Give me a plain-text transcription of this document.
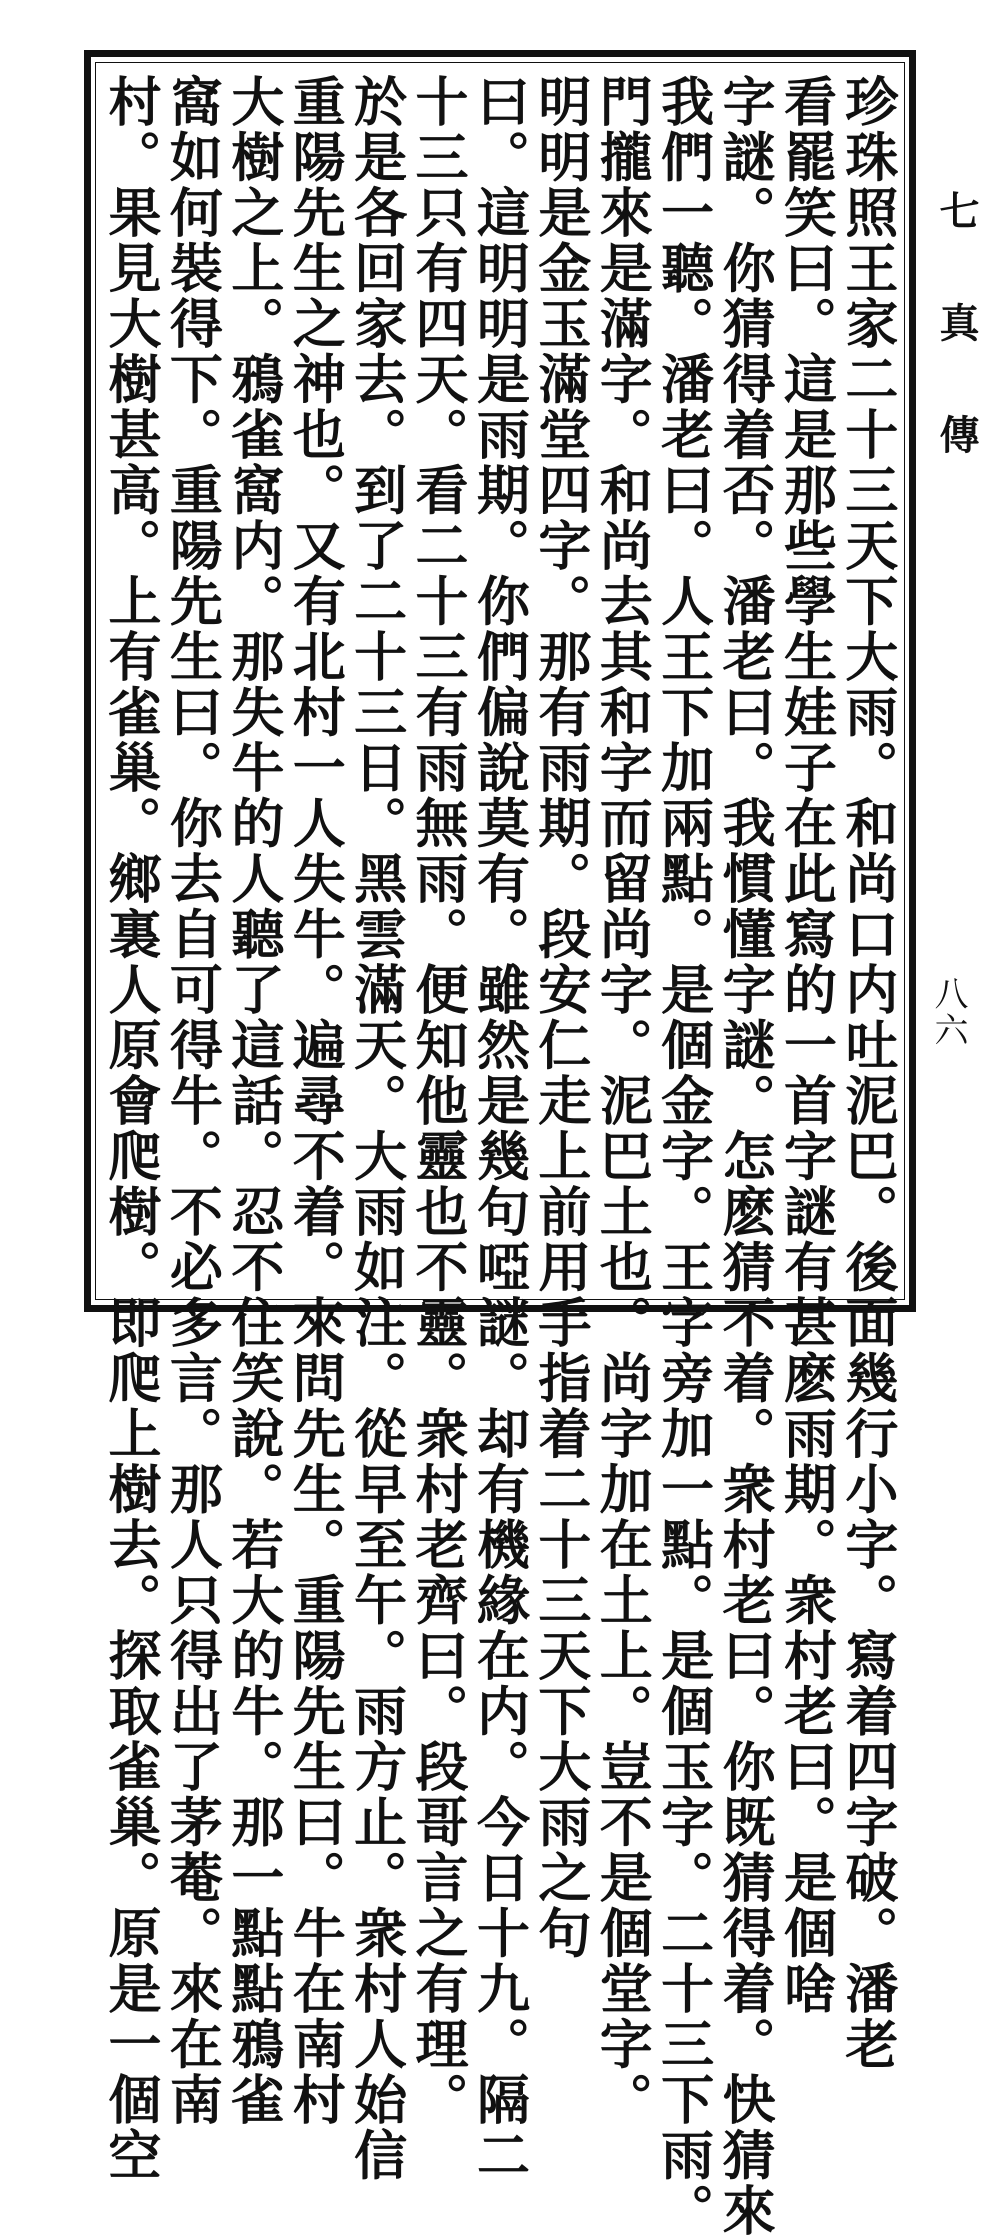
珍珠照王家二十三天下大雨。和尚口内吐泥巴。後面幾行小字。寫着四字破。潘老
看罷笑曰。這是那些學生娃子在此寫的一首字謎有甚麽雨期。衆村老曰。是個啥
字謎。你猜得着否。潘老曰。我慣懂字謎。怎麽猜不着。衆村老曰。你既猜得着。快猜來
我們一聽。潘老曰。人王下加兩點。是個金字。王字旁加一點。是個玉字。二十三下雨。
門攏來是滿字。和尚去其和字而留尚字。泥巴土也。尚字加在土上。豈不是個堂字。
明明是金玉滿堂四字。那有雨期。段安仁走上前用手指着二十三天下大雨之句
曰。這明明是雨期。你們偏說莫有。雖然是幾句啞謎。却有機緣在内。今日十九。隔二
十三只有四天。看二十三有雨無雨。便知他靈也不靈。衆村老齊曰。段哥言之有理。
於是各回家去。到了二十三日。黑雲滿天。大雨如注。從早至午。雨方止。衆村人始信
重陽先生之神也。又有北村一人失牛。遍尋不着。來問先生。重陽先生曰。牛在南村
大樹之上。鴉雀窩内。那失牛的人聽了這話。忍不住笑說。若大的牛。那一點點鴉雀
窩如何裝得下。重陽先生曰。你去自可得牛。不必多言。那人只得出了茅菴。來在南
村。果見大樹甚高。上有雀巢。鄉裏人原會爬樹。即爬上樹去。探取雀巢。原是一個空	七真傳
八六
